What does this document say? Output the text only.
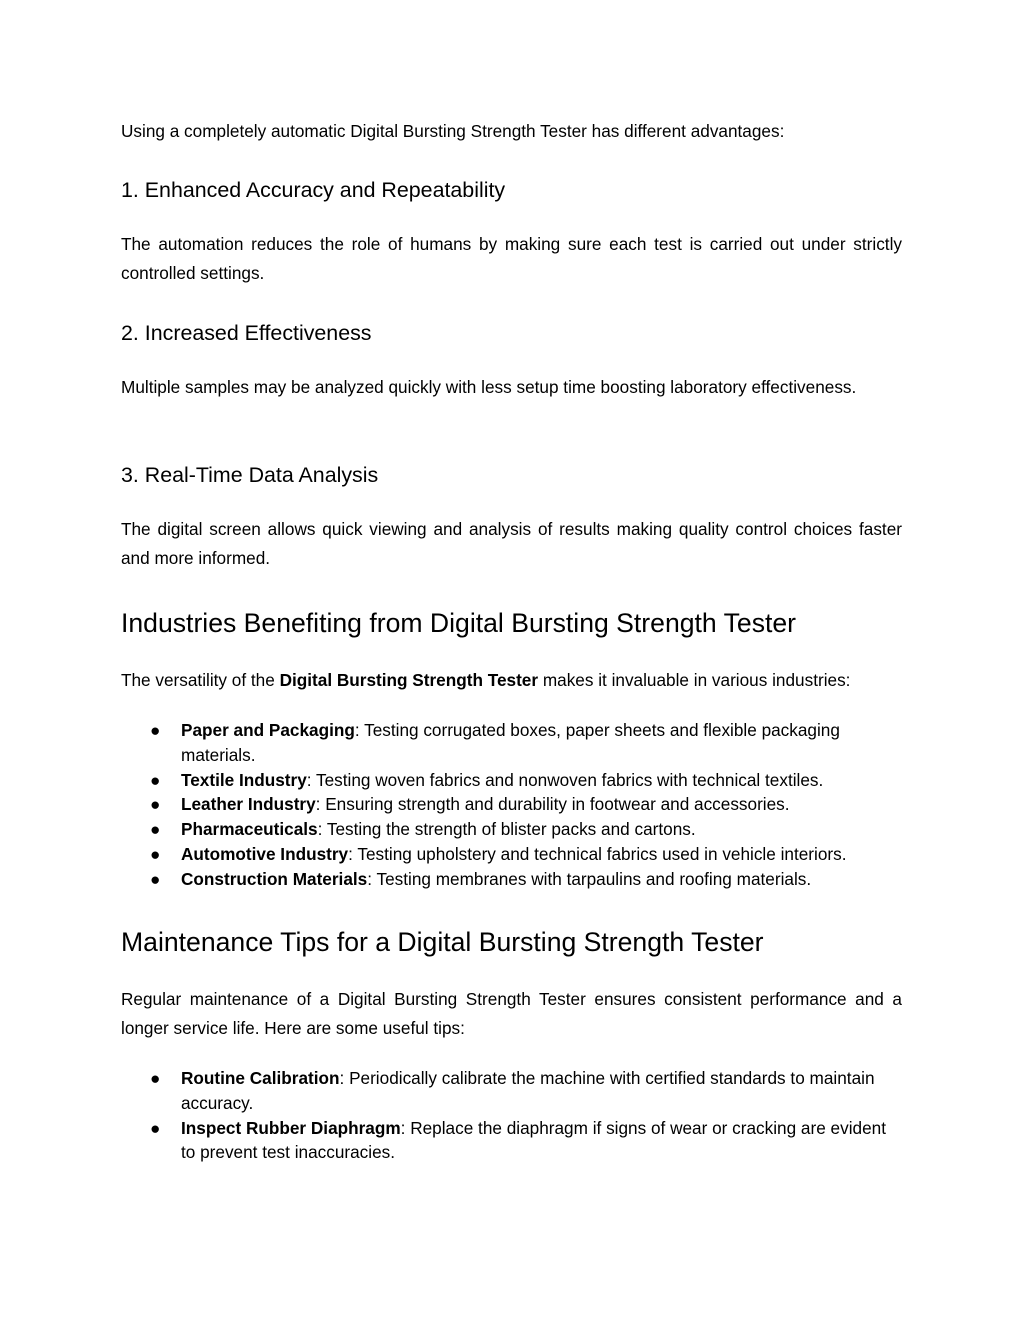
Using a completely automatic Digital Bursting Strength Tester has different advantages:

1. Enhanced Accuracy and Repeatability

The automation reduces the role of humans by making sure each test is carried out under strictly controlled settings.

2. Increased Effectiveness

Multiple samples may be analyzed quickly with less setup time boosting laboratory effectiveness.

3. Real-Time Data Analysis

The digital screen allows quick viewing and analysis of results making quality control choices faster and more informed.

Industries Benefiting from Digital Bursting Strength Tester

The versatility of the Digital Bursting Strength Tester makes it invaluable in various industries:

● Paper and Packaging: Testing corrugated boxes, paper sheets and flexible packaging materials.
● Textile Industry: Testing woven fabrics and nonwoven fabrics with technical textiles.
● Leather Industry: Ensuring strength and durability in footwear and accessories.
● Pharmaceuticals: Testing the strength of blister packs and cartons.
● Automotive Industry: Testing upholstery and technical fabrics used in vehicle interiors.
● Construction Materials: Testing membranes with tarpaulins and roofing materials.
Maintenance Tips for a Digital Bursting Strength Tester

Regular maintenance of a Digital Bursting Strength Tester ensures consistent performance and a longer service life. Here are some useful tips:

● Routine Calibration: Periodically calibrate the machine with certified standards to maintain accuracy.
● Inspect Rubber Diaphragm: Replace the diaphragm if signs of wear or cracking are evident to prevent test inaccuracies.
